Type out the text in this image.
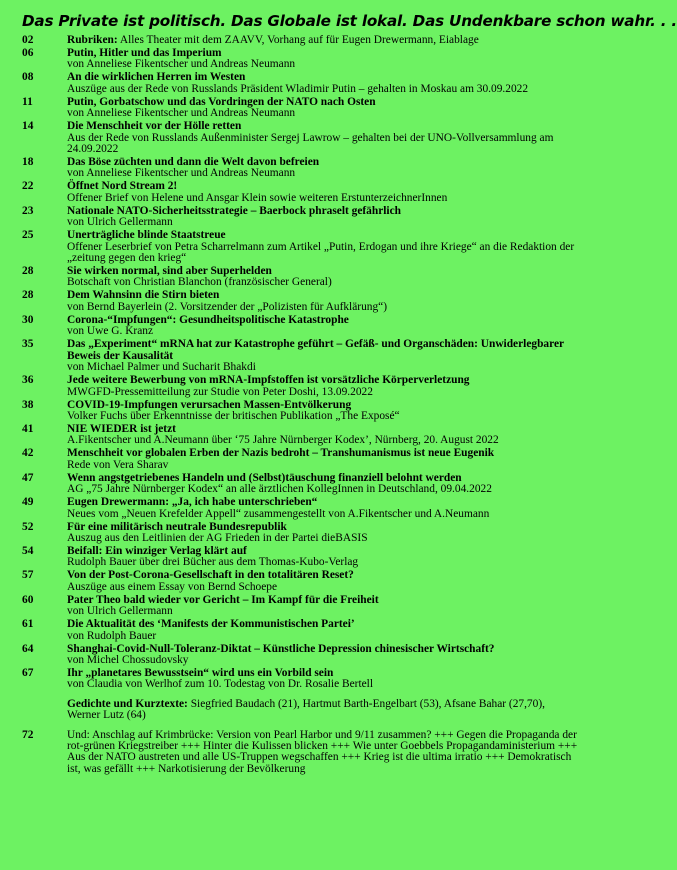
Das Private ist politisch. Das Globale ist lokal. Das Undenkbare schon wahr. . .
02	Rubriken: Alles Theater mit dem ZAAVV, Vorhang auf für Eugen Drewermann, Eiablage
06	Putin, Hitler und das Imperium
von Anneliese Fikentscher und Andreas Neumann
08	An die wirklichen Herren im Westen
Auszüge aus der Rede von Russlands Präsident Wladimir Putin – gehalten in Moskau am 30.09.2022
11	Putin, Gorbatschow und das Vordringen der NATO nach Osten
von Anneliese Fikentscher und Andreas Neumann
14	Die Menschheit vor der Hölle retten
Aus der Rede von Russlands Außenminister Sergej Lawrow – gehalten bei der UNO-Vollversammlung am 24.09.2022
18	Das Böse züchten und dann die Welt davon befreien
von Anneliese Fikentscher und Andreas Neumann
22	Öffnet Nord Stream 2!
Offener Brief von Helene und Ansgar Klein sowie weiteren ErstunterzeichnerInnen
23	Nationale NATO-Sicherheitsstrategie – Baerbock phraselt gefährlich
von Ulrich Gellermann
25	Unerträgliche blinde Staatstreue
Offener Leserbrief von Petra Scharrelmann zum Artikel „Putin, Erdogan und ihre Kriege“ an die Redaktion der „zeitung gegen den krieg“
28	Sie wirken normal, sind aber Superhelden
Botschaft von Christian Blanchon (französischer General)
28	Dem Wahnsinn die Stirn bieten
von Bernd Bayerlein (2. Vorsitzender der „Polizisten für Aufklärung“)
30	Corona-“Impfungen“: Gesundheitspolitische Katastrophe
von Uwe G. Kranz
35	Das „Experiment“ mRNA hat zur Katastrophe geführt – Gefäß- und Organschäden: Unwiderlegbarer Beweis der Kausalität
von Michael Palmer und Sucharit Bhakdi
36	Jede weitere Bewerbung von mRNA-Impfstoffen ist vorsätzliche Körperverletzung
MWGFD-Pressemitteilung zur Studie von Peter Doshi, 13.09.2022
38	COVID-19-Impfungen verursachen Massen-Entvölkerung
Volker Fuchs über Erkenntnisse der britischen Publikation „The Exposé“
41	NIE WIEDER ist jetzt
A.Fikentscher und A.Neumann über ‘75 Jahre Nürnberger Kodex’, Nürnberg, 20. August 2022
42	Menschheit vor globalen Erben der Nazis bedroht – Transhumanismus ist neue Eugenik
Rede von Vera Sharav
47	Wenn angstgetriebenes Handeln und (Selbst)täuschung finanziell belohnt werden
AG „75 Jahre Nürnberger Kodex“ an alle ärztlichen KollegInnen in Deutschland, 09.04.2022
49	Eugen Drewermann: „Ja, ich habe unterschrieben“
Neues vom „Neuen Krefelder Appell“ zusammengestellt von A.Fikentscher und A.Neumann
52	Für eine militärisch neutrale Bundesrepublik
Auszug aus den Leitlinien der AG Frieden in der Partei dieBASIS
54	Beifall: Ein winziger Verlag klärt auf
Rudolph Bauer über drei Bücher aus dem Thomas-Kubo-Verlag
57	Von der Post-Corona-Gesellschaft in den totalitären Reset?
Auszüge aus einem Essay von Bernd Schoepe
60	Pater Theo bald wieder vor Gericht – Im Kampf für die Freiheit
von Ulrich Gellermann
61	Die Aktualität des ‘Manifests der Kommunistischen Partei’
von Rudolph Bauer
64	Shanghai-Covid-Null-Toleranz-Diktat – Künstliche Depression chinesischer Wirtschaft?
von Michel Chossudovsky
67	Ihr „planetares Bewusstsein“ wird uns ein Vorbild sein
von Claudia von Werlhof zum 10. Todestag von Dr. Rosalie Bertell
Gedichte und Kurztexte: Siegfried Baudach (21), Hartmut Barth-Engelbart (53), Afsane Bahar (27,70), Werner Lutz (64)
72	Und: Anschlag auf Krimbrücke: Version von Pearl Harbor und 9/11 zusammen? +++ Gegen die Propaganda der rot-grünen Kriegstreiber +++ Hinter die Kulissen blicken +++ Wie unter Goebbels Propagandaministerium +++ Aus der NATO austreten und alle US-Truppen wegschaffen +++ Krieg ist die ultima irratio +++ Demokratisch ist, was gefällt +++ Narkotisierung der Bevölkerung
